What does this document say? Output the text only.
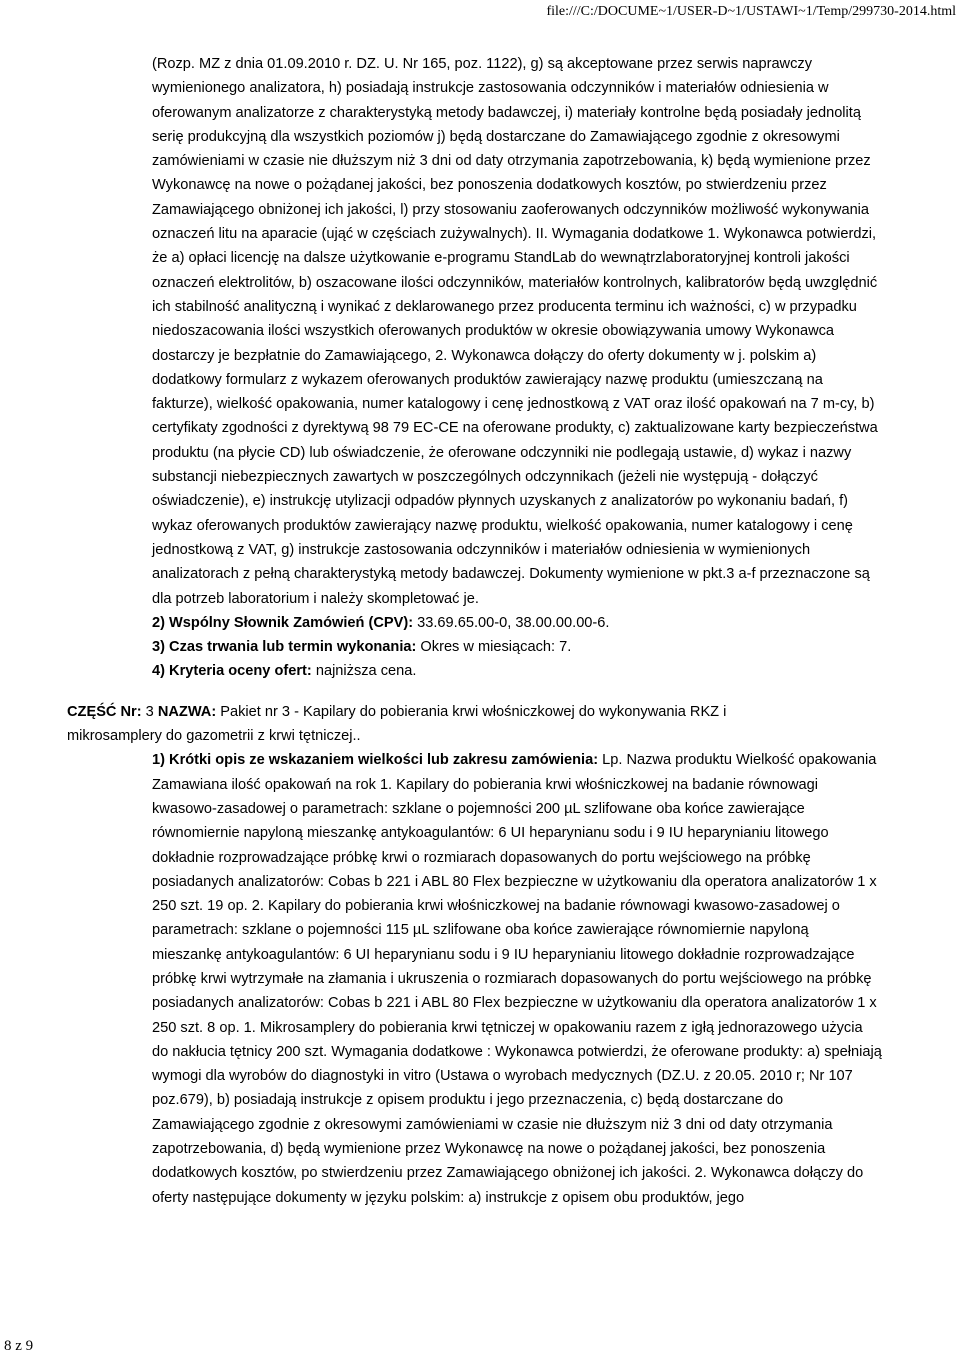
file:///C:/DOCUME~1/USER-D~1/USTAWI~1/Temp/299730-2014.html

(Rozp. MZ z dnia 01.09.2010 r. DZ. U. Nr 165, poz. 1122), g) są akceptowane przez serwis naprawczy wymienionego analizatora, h) posiadają instrukcje zastosowania odczynników i materiałów odniesienia w oferowanym analizatorze z charakterystyką metody badawczej, i) materiały kontrolne będą posiadały jednolitą serię produkcyjną dla wszystkich poziomów j) będą dostarczane do Zamawiającego zgodnie z okresowymi zamówieniami w czasie nie dłuższym niż 3 dni od daty otrzymania zapotrzebowania, k) będą wymienione przez Wykonawcę na nowe o pożądanej jakości, bez ponoszenia dodatkowych kosztów, po stwierdzeniu przez Zamawiającego obniżonej ich jakości, l) przy stosowaniu zaoferowanych odczynników możliwość wykonywania oznaczeń litu na aparacie (ująć w częściach zużywalnych). II. Wymagania dodatkowe 1. Wykonawca potwierdzi, że a) opłaci licencję na dalsze użytkowanie e-programu StandLab do wewnątrzlaboratoryjnej kontroli jakości oznaczeń elektrolitów, b) oszacowane ilości odczynników, materiałów kontrolnych, kalibratorów będą uwzględnić ich stabilność analityczną i wynikać z deklarowanego przez producenta terminu ich ważności, c) w przypadku niedoszacowania ilości wszystkich oferowanych produktów w okresie obowiązywania umowy Wykonawca dostarczy je bezpłatnie do Zamawiającego, 2. Wykonawca dołączy do oferty dokumenty w j. polskim a) dodatkowy formularz z wykazem oferowanych produktów zawierający nazwę produktu (umieszczaną na fakturze), wielkość opakowania, numer katalogowy i cenę jednostkową z VAT oraz ilość opakowań na 7 m-cy, b) certyfikaty zgodności z dyrektywą 98 79 EC-CE na oferowane produkty, c) zaktualizowane karty bezpieczeństwa produktu (na płycie CD) lub oświadczenie, że oferowane odczynniki nie podlegają ustawie, d) wykaz i nazwy substancji niebezpiecznych zawartych w poszczególnych odczynnikach (jeżeli nie występują - dołączyć oświadczenie), e) instrukcję utylizacji odpadów płynnych uzyskanych z analizatorów po wykonaniu badań, f) wykaz oferowanych produktów zawierający nazwę produktu, wielkość opakowania, numer katalogowy i cenę jednostkową z VAT, g) instrukcje zastosowania odczynników i materiałów odniesienia w wymienionych analizatorach z pełną charakterystyką metody badawczej. Dokumenty wymienione w pkt.3 a-f przeznaczone są dla potrzeb laboratorium i należy skompletować je.

2) Wspólny Słownik Zamówień (CPV): 33.69.65.00-0, 38.00.00.00-6.

3) Czas trwania lub termin wykonania: Okres w miesiącach: 7.

4) Kryteria oceny ofert: najniższa cena.

CZĘŚĆ Nr: 3 NAZWA: Pakiet nr 3 - Kapilary do pobierania krwi włośniczkowej do wykonywania RKZ i mikrosamplery do gazometrii z krwi tętniczej..

1) Krótki opis ze wskazaniem wielkości lub zakresu zamówienia: Lp. Nazwa produktu Wielkość opakowania Zamawiana ilość opakowań na rok 1. Kapilary do pobierania krwi włośniczkowej na badanie równowagi kwasowo-zasadowej o parametrach: szklane o pojemności 200 µL szlifowane oba końce zawierające równomiernie napyloną mieszankę antykoagulantów: 6 UI heparynianu sodu i 9 IU heparynianiu litowego dokładnie rozprowadzające próbkę krwi o rozmiarach dopasowanych do portu wejściowego na próbkę posiadanych analizatorów: Cobas b 221 i ABL 80 Flex bezpieczne w użytkowaniu dla operatora analizatorów 1 x 250 szt. 19 op. 2. Kapilary do pobierania krwi włośniczkowej na badanie równowagi kwasowo-zasadowej o parametrach: szklane o pojemności 115 µL szlifowane oba końce zawierające równomiernie napyloną mieszankę antykoagulantów: 6 UI heparynianu sodu i 9 IU heparynianiu litowego dokładnie rozprowadzające próbkę krwi wytrzymałe na złamania i ukruszenia o rozmiarach dopasowanych do portu wejściowego na próbkę posiadanych analizatorów: Cobas b 221 i ABL 80 Flex bezpieczne w użytkowaniu dla operatora analizatorów 1 x 250 szt. 8 op. 1. Mikrosamplery do pobierania krwi tętniczej w opakowaniu razem z igłą jednorazowego użycia do nakłucia tętnicy 200 szt. Wymagania dodatkowe : Wykonawca potwierdzi, że oferowane produkty: a) spełniają wymogi dla wyrobów do diagnostyki in vitro (Ustawa o wyrobach medycznych (DZ.U. z 20.05. 2010 r; Nr 107 poz.679), b) posiadają instrukcje z opisem produktu i jego przeznaczenia, c) będą dostarczane do Zamawiającego zgodnie z okresowymi zamówieniami w czasie nie dłuższym niż 3 dni od daty otrzymania zapotrzebowania, d) będą wymienione przez Wykonawcę na nowe o pożądanej jakości, bez ponoszenia dodatkowych kosztów, po stwierdzeniu przez Zamawiającego obniżonej ich jakości. 2. Wykonawca dołączy do oferty następujące dokumenty w języku polskim: a) instrukcje z opisem obu produktów, jego

8 z 9
